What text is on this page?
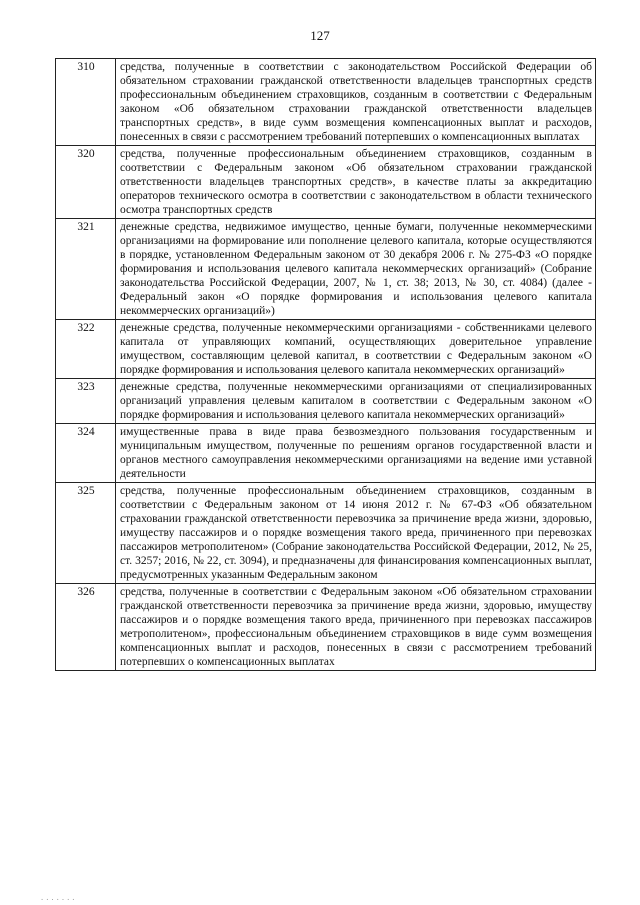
127
310	средства, полученные в соответствии с законодательством Российской Федерации об обязательном страховании гражданской ответственности владельцев транспортных средств профессиональным объединением страховщиков, созданным в соответствии с Федеральным законом «Об обязательном страховании гражданской ответственности владельцев транспортных средств», в виде сумм возмещения компенсационных выплат и расходов, понесенных в связи с рассмотрением требований потерпевших о компенсационных выплатах
320	средства, полученные профессиональным объединением страховщиков, созданным в соответствии с Федеральным законом «Об обязательном страховании гражданской ответственности владельцев транспортных средств», в качестве платы за аккредитацию операторов технического осмотра в соответствии с законодательством в области технического осмотра транспортных средств
321	денежные средства, недвижимое имущество, ценные бумаги, полученные некоммерческими организациями на формирование или пополнение целевого капитала, которые осуществляются в порядке, установленном Федеральным законом от 30 декабря 2006 г. № 275-ФЗ «О порядке формирования и использования целевого капитала некоммерческих организаций» (Собрание законодательства Российской Федерации, 2007, № 1, ст. 38; 2013, № 30, ст. 4084) (далее - Федеральный закон «О порядке формирования и использования целевого капитала некоммерческих организаций»)
322	денежные средства, полученные некоммерческими организациями - собственниками целевого капитала от управляющих компаний, осуществляющих доверительное управление имуществом, составляющим целевой капитал, в соответствии с Федеральным законом «О порядке формирования и использования целевого капитала некоммерческих организаций»
323	денежные средства, полученные некоммерческими организациями от специализированных организаций управления целевым капиталом в соответствии с Федеральным законом «О порядке формирования и использования целевого капитала некоммерческих организаций»
324	имущественные права в виде права безвозмездного пользования государственным и муниципальным имуществом, полученные по решениям органов государственной власти и органов местного самоуправления некоммерческими организациями на ведение ими уставной деятельности
325	средства, полученные профессиональным объединением страховщиков, созданным в соответствии с Федеральным законом от 14 июня 2012 г. № 67-ФЗ «Об обязательном страховании гражданской ответственности перевозчика за причинение вреда жизни, здоровью, имуществу пассажиров и о порядке возмещения такого вреда, причиненного при перевозках пассажиров метрополитеном» (Собрание законодательства Российской Федерации, 2012, № 25, ст. 3257; 2016, № 22, ст. 3094), и предназначены для финансирования компенсационных выплат, предусмотренных указанным Федеральным законом
326	средства, полученные в соответствии с Федеральным законом «Об обязательном страховании гражданской ответственности перевозчика за причинение вреда жизни, здоровью, имуществу пассажиров и о порядке возмещения такого вреда, причиненного при перевозках пассажиров метрополитеном», профессиональным объединением страховщиков в виде сумм возмещения компенсационных выплат и расходов, понесенных в связи с рассмотрением требований потерпевших о компенсационных выплатах
.......
